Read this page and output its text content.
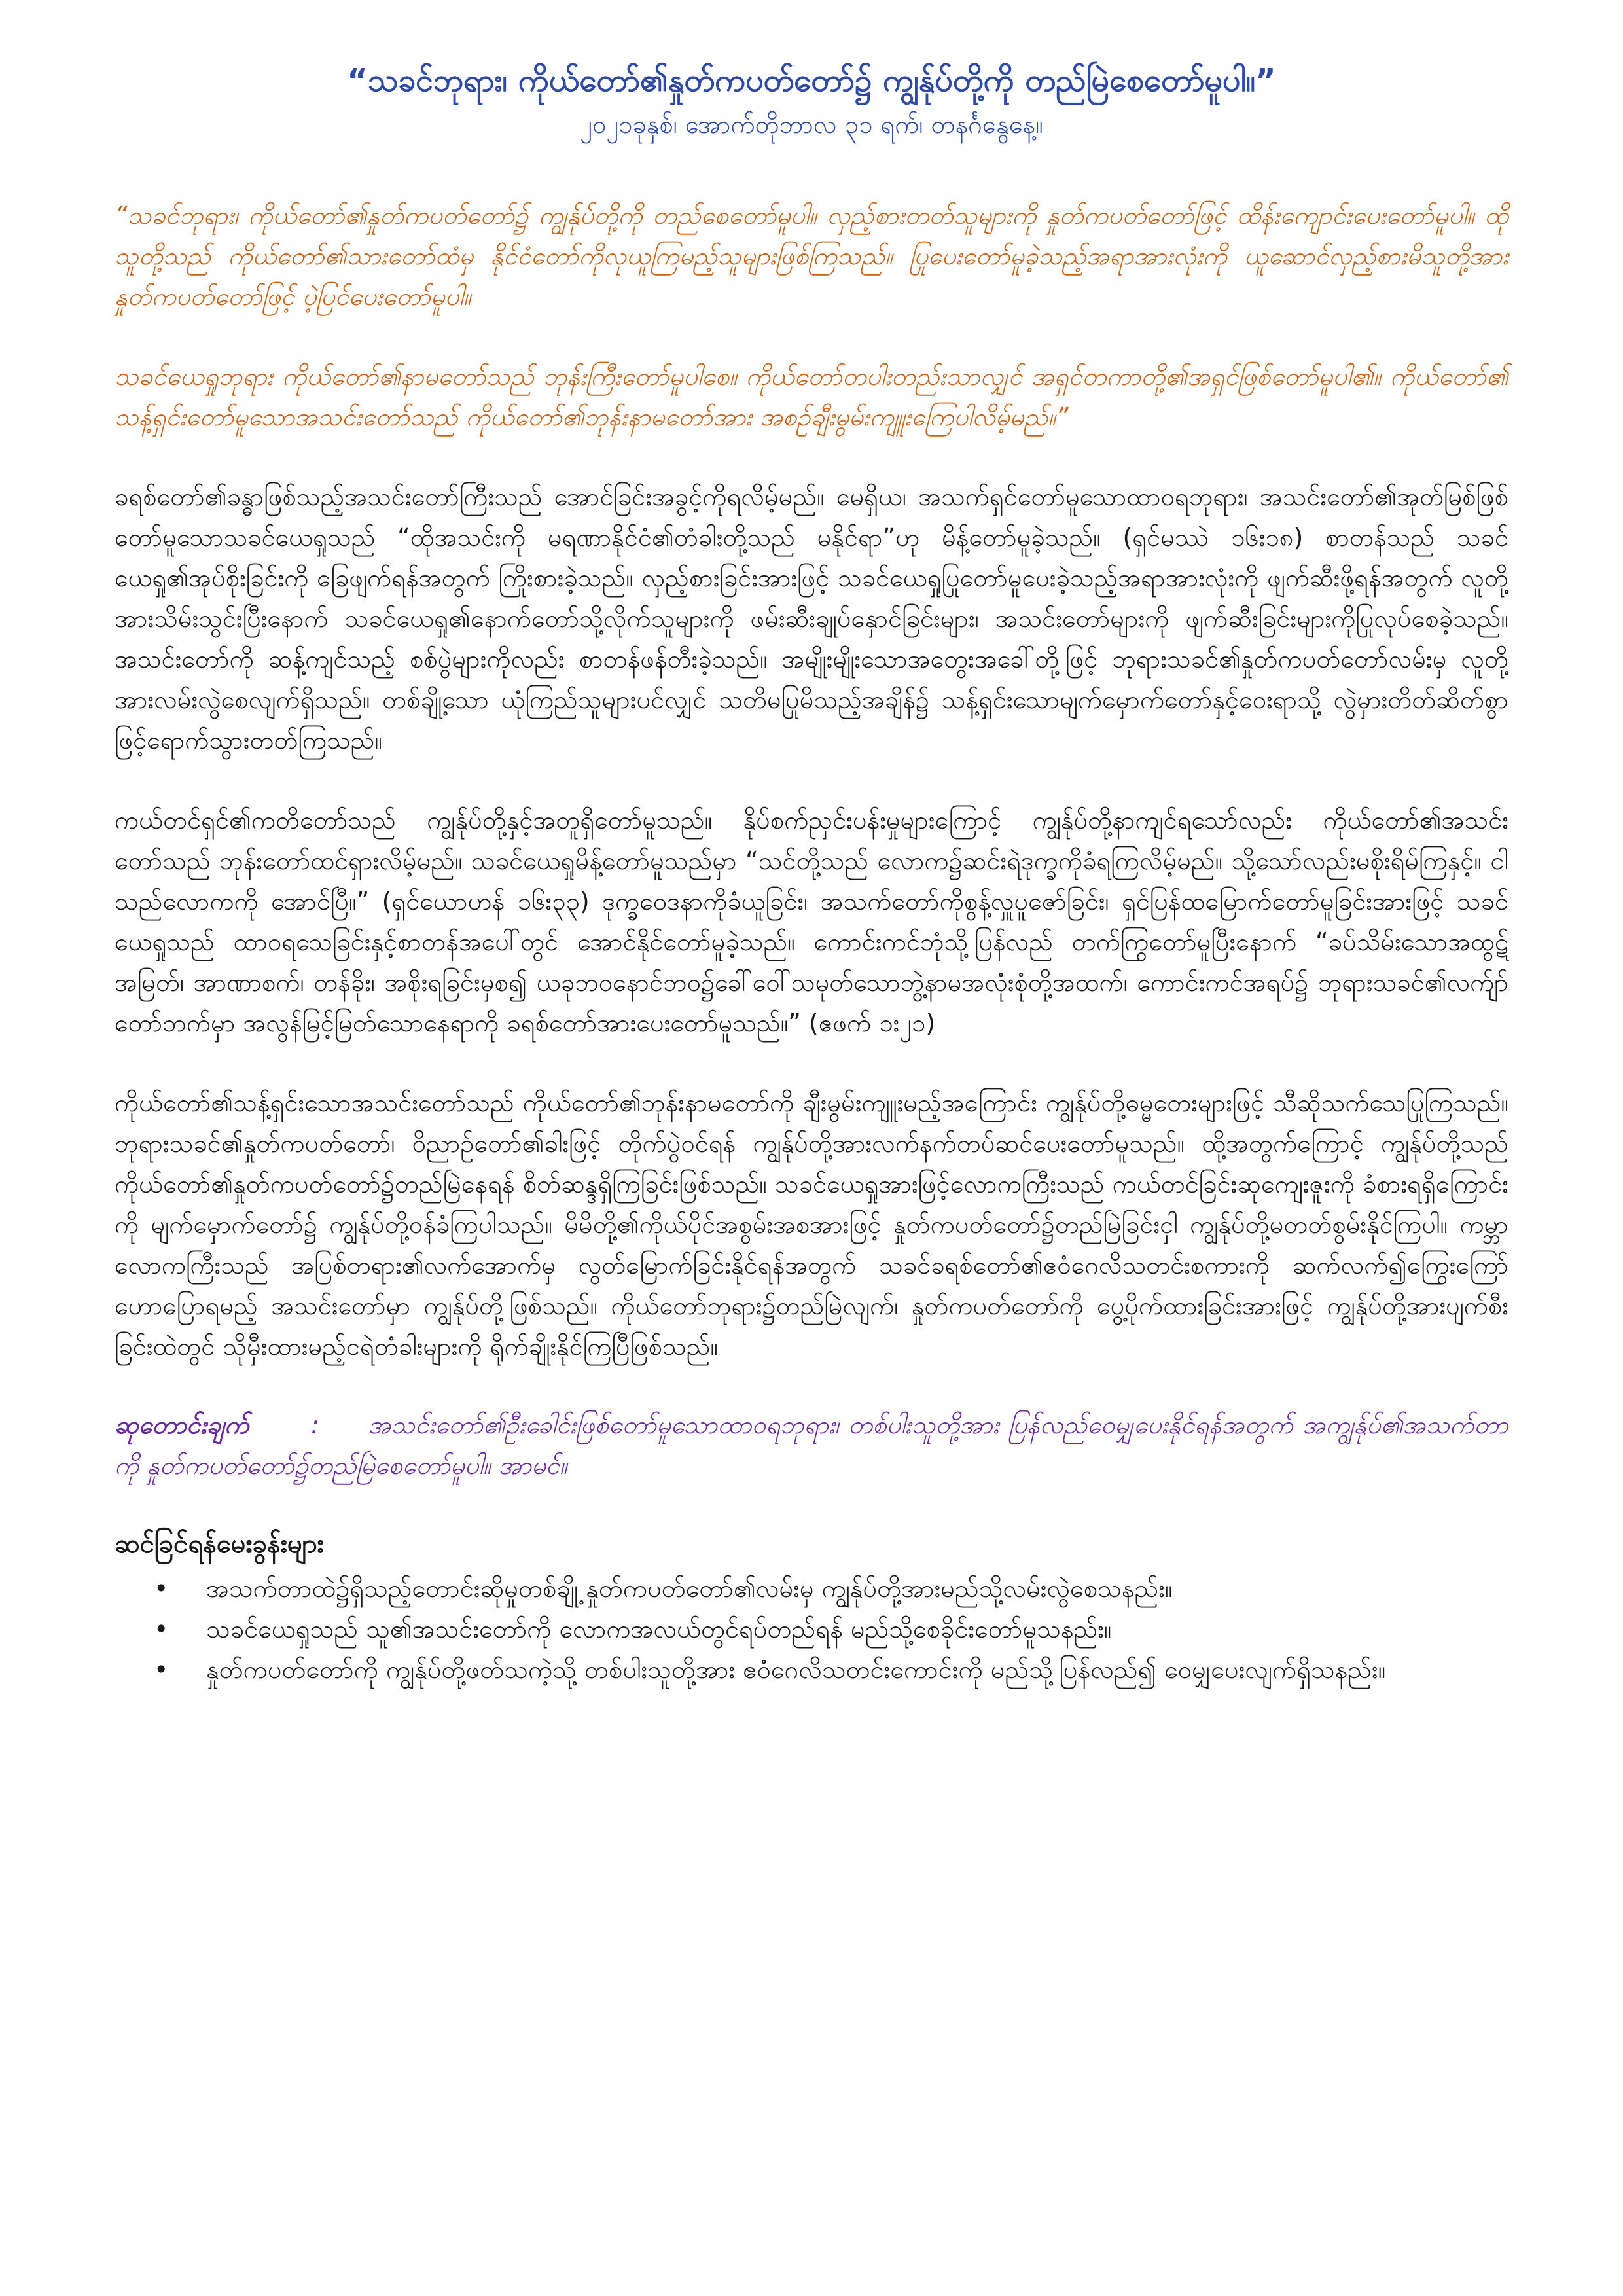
“သခင်ဘုရား၊ ကိုယ်တော်၏နှုတ်ကပတ်တော်၌ ကျွန်ုပ်တို့ကို တည်မြဲစေတော်မူပါ။”

၂၀၂၁ခုနှစ်၊ အောက်တိုဘာလ ၃၁ ရက်၊ တနင်္ဂနွေနေ့။

“သခင်ဘုရား၊ ကိုယ်တော်၏နှုတ်ကပတ်တော်၌ ကျွန်ုပ်တို့ကို တည်စေတော်မူပါ။ လှည့်စားတတ်သူများကို နှုတ်ကပတ်တော်ဖြင့် ထိန်းကျောင်းပေးတော်မူပါ။ ထိုသူတို့သည် ကိုယ်တော်၏သားတော်ထံမှ နိုင်ငံတော်ကိုလုယူကြမည့်သူများဖြစ်ကြသည်။ ပြုပေးတော်မူခဲ့သည့်အရာအားလုံးကို ယူဆောင်လှည့်စားမိသူတို့အား နှုတ်ကပတ်တော်ဖြင့် ပဲ့ပြင်ပေးတော်မူပါ။

သခင်ယေရှုဘုရား ကိုယ်တော်၏နာမတော်သည် ဘုန်းကြီးတော်မူပါစေ။ ကိုယ်တော်တပါးတည်းသာလျှင် အရှင်တကာတို့၏အရှင်ဖြစ်တော်မူပါ၏။ ကိုယ်တော်၏ သန့်ရှင်းတော်မူသောအသင်းတော်သည် ကိုယ်တော်၏ဘုန်းနာမတော်အား အစဉ်ချီးမွမ်းကျူးကြေပါလိမ့်မည်။”

ခရစ်တော်၏ခန္ဓာဖြစ်သည့်အသင်းတော်ကြီးသည် အောင်ခြင်းအခွင့်ကိုရလိမ့်မည်။ မေရှိယ၊ အသက်ရှင်တော်မူသောထာဝရဘုရား၊ အသင်းတော်၏အုတ်မြစ်ဖြစ်တော်မူသောသခင်ယေရှုသည် “ထိုအသင်းကို မရဏာနိုင်ငံ၏တံခါးတို့သည် မနိုင်ရာ”ဟု မိန့်တော်မူခဲ့သည်။ (ရှင်မဿဲ ၁၆း၁၈) စာတန်သည် သခင်ယေရှု၏အုပ်စိုးခြင်းကို ခြေဖျက်ရန်အတွက် ကြိုးစားခဲ့သည်။ လှည့်စားခြင်းအားဖြင့် သခင်ယေရှုပြုတော်မူပေးခဲ့သည့်အရာအားလုံးကို ဖျက်ဆီးဖို့ရန်အတွက် လူတို့အားသိမ်းသွင်းပြီးနောက် သခင်ယေရှု၏နောက်တော်သို့လိုက်သူများကို ဖမ်းဆီးချုပ်နှောင်ခြင်းများ၊ အသင်းတော်များကို ဖျက်ဆီးခြင်းများကိုပြုလုပ်စေခဲ့သည်။ အသင်းတော်ကို ဆန့်ကျင်သည့် စစ်ပွဲများကိုလည်း စာတန်ဖန်တီးခဲ့သည်။ အမျိုးမျိုးသောအတွေးအခေါ်တို့ဖြင့် ဘုရားသခင်၏နှုတ်ကပတ်တော်လမ်းမှ လူတို့အားလမ်းလွဲစေလျက်ရှိသည်။ တစ်ချို့သော ယုံကြည်သူများပင်လျှင် သတိမပြုမိသည့်အချိန်၌ သန့်ရှင်းသောမျက်မှောက်တော်နှင့်ဝေးရာသို့ လွဲမှားတိတ်ဆိတ်စွာဖြင့်ရောက်သွားတတ်ကြသည်။

ကယ်တင်ရှင်၏ကတိတော်သည် ကျွန်ုပ်တို့နှင့်အတူရှိတော်မူသည်။ နိုပ်စက်ညှင်းပန်းမှုများကြောင့် ကျွန်ုပ်တို့နာကျင်ရသော်လည်း ကိုယ်တော်၏အသင်းတော်သည် ဘုန်းတော်ထင်ရှားလိမ့်မည်။ သခင်ယေရှုမိန့်တော်မူသည်မှာ “သင်တို့သည် လောက၌ဆင်းရဲဒုက္ခကိုခံရကြလိမ့်မည်။ သို့သော်လည်းမစိုးရိမ်ကြနှင့်။ ငါသည်လောကကို အောင်ပြီ။” (ရှင်ယောဟန် ၁၆း၃၃) ဒုက္ခဝေဒနာကိုခံယူခြင်း၊ အသက်တော်ကိုစွန့်လှူပူဇော်ခြင်း၊ ရှင်ပြန်ထမြောက်တော်မူခြင်းအားဖြင့် သခင်ယေရှုသည် ထာဝရသေခြင်းနှင့်စာတန်အပေါ်တွင် အောင်နိုင်တော်မူခဲ့သည်။ ကောင်းကင်ဘုံသို့ပြန်လည် တက်ကြွတော်မူပြီးနောက် “ခပ်သိမ်းသောအထွဋ်အမြတ်၊ အာဏာစက်၊ တန်ခိုး၊ အစိုးရခြင်းမှစ၍ ယခုဘဝနောင်ဘဝ၌ခေါ်ဝေါ်သမုတ်သောဘွဲ့နာမအလုံးစုံတို့အထက်၊ ကောင်းကင်အရပ်၌ ဘုရားသခင်၏လက်ျာ်တော်ဘက်မှာ အလွန်မြင့်မြတ်သောနေရာကို ခရစ်တော်အားပေးတော်မူသည်။” (ဧဖက် ၁း၂၁)

ကိုယ်တော်၏သန့်ရှင်းသောအသင်းတော်သည် ကိုယ်တော်၏ဘုန်းနာမတော်ကို ချီးမွမ်းကျူးမည့်အကြောင်း ကျွန်ုပ်တို့ဓမ္မတေးများဖြင့် သီဆိုသက်သေပြုကြသည်။ ဘုရားသခင်၏နှုတ်ကပတ်တော်၊ ဝိညာဉ်တော်၏ခါးဖြင့် တိုက်ပွဲဝင်ရန် ကျွန်ုပ်တို့အားလက်နက်တပ်ဆင်ပေးတော်မူသည်။ ထို့အတွက်ကြောင့် ကျွန်ုပ်တို့သည် ကိုယ်တော်၏နှုတ်ကပတ်တော်၌တည်မြဲနေရန် စိတ်ဆန္ဒရှိကြခြင်းဖြစ်သည်။ သခင်ယေရှုအားဖြင့်လောကကြီးသည် ကယ်တင်ခြင်းဆုကျေးဇူးကို ခံစားရရှိကြောင်းကို မျက်မှောက်တော်၌ ကျွန်ုပ်တို့ဝန်ခံကြပါသည်။ မိမိတို့၏ကိုယ်ပိုင်အစွမ်းအစအားဖြင့် နှုတ်ကပတ်တော်၌တည်မြဲခြင်းငှါ ကျွန်ုပ်တို့မတတ်စွမ်းနိုင်ကြပါ။ ကမ္ဘာလောကကြီးသည် အပြစ်တရား၏လက်အောက်မှ လွတ်မြောက်ခြင်းနိုင်ရန်အတွက် သခင်ခရစ်တော်၏ဧဝံဂေလိသတင်းစကားကို ဆက်လက်၍ကြွေးကြော်ဟောပြောရမည့် အသင်းတော်မှာ ကျွန်ုပ်တို့ဖြစ်သည်။ ကိုယ်တော်ဘုရား၌တည်မြဲလျက်၊ နှုတ်ကပတ်တော်ကို ပွေ့ပိုက်ထားခြင်းအားဖြင့် ကျွန်ုပ်တို့အားပျက်စီးခြင်းထဲတွင် သိုမှီးထားမည့်ငရဲတံခါးများကို ရိုက်ချိုးနိုင်ကြပြီဖြစ်သည်။

ဆုတောင်းချက် : အသင်းတော်၏ဦးခေါင်းဖြစ်တော်မူသောထာဝရဘုရား၊ တစ်ပါးသူတို့အား ပြန်လည်ဝေမျှပေးနိုင်ရန်အတွက် အကျွန်ုပ်၏အသက်တာကို နှုတ်ကပတ်တော်၌တည်မြဲစေတော်မူပါ။ အာမင်။
ဆင်ခြင်ရန်မေးခွန်းများ
• အသက်တာထဲ၌ရှိသည့်တောင်းဆိုမှုတစ်ချို့ နှုတ်ကပတ်တော်၏လမ်းမှ ကျွန်ုပ်တို့အားမည်သို့လမ်းလွဲစေသနည်း။
• သခင်ယေရှုသည် သူ၏အသင်းတော်ကို လောကအလယ်တွင်ရပ်တည်ရန် မည်သို့စေခိုင်းတော်မူသနည်း။
• နှုတ်ကပတ်တော်ကို ကျွန်ုပ်တို့ဖတ်သကဲ့သို့ တစ်ပါးသူတို့အား ဧဝံဂေလိသတင်းကောင်းကို မည်သို့ပြန်လည်၍ ဝေမျှပေးလျက်ရှိသနည်း။
